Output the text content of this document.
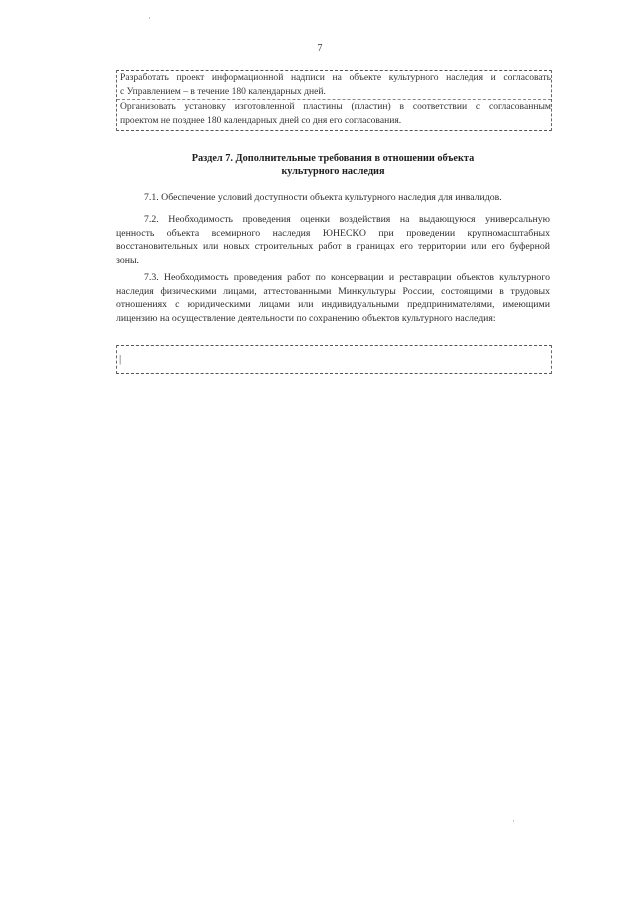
·
7
Разработать проект информационной надписи на объекте культурного наследия и согласовать
с Управлением – в течение 180 календарных дней.
Организовать установку изготовленной пластины (пластин) в соответствии с согласованным
проектом не позднее 180 календарных дней со дня его согласования.
Раздел 7. Дополнительные требования в отношении объекта
культурного наследия
7.1. Обеспечение условий доступности объекта культурного наследия для инвалидов.
7.2. Необходимость проведения оценки воздействия на выдающуюся универсальную
ценность объекта всемирного наследия ЮНЕСКО при проведении крупномасштабных
восстановительных или новых строительных работ в границах его территории или его буферной
зоны.
7.3. Необходимость проведения работ по консервации и реставрации объектов культурного
наследия физическими лицами, аттестованными Минкультуры России, состоящими в трудовых
отношениях с юридическими лицами или индивидуальными предпринимателями, имеющими
лицензию на осуществление деятельности по сохранению объектов культурного наследия:
|
·
